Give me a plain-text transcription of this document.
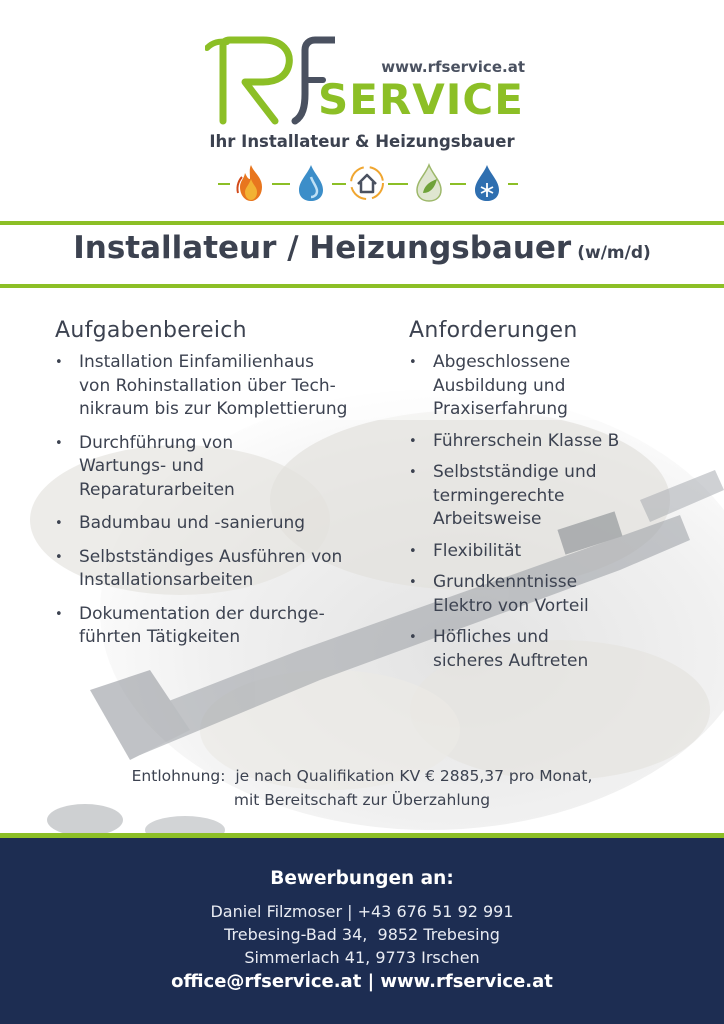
www.rfservice.at
SERVICE
Ihr Installateur & Heizungsbauer
Installateur / Heizungsbauer (w/m/d)
Aufgabenbereich
• Installation Einfamilienhaus
von Rohinstallation über Tech-
nikraum bis zur Komplettierung
• Durchführung von
Wartungs- und
Reparaturarbeiten
• Badumbau und -sanierung
• Selbstständiges Ausführen von
Installationsarbeiten
• Dokumentation der durchge-
führten Tätigkeiten
Anforderungen
• Abgeschlossene
Ausbildung und
Praxiserfahrung
• Führerschein Klasse B
• Selbstständige und
termingerechte
Arbeitsweise
• Flexibilität
• Grundkenntnisse
Elektro von Vorteil
• Höfliches und
sicheres Auftreten
Entlohnung:  je nach Qualifikation KV € 2885,37 pro Monat,
mit Bereitschaft zur Überzahlung
Bewerbungen an:
Daniel Filzmoser | +43 676 51 92 991
Trebesing-Bad 34,  9852 Trebesing
Simmerlach 41, 9773 Irschen
office@rfservice.at | www.rfservice.at
